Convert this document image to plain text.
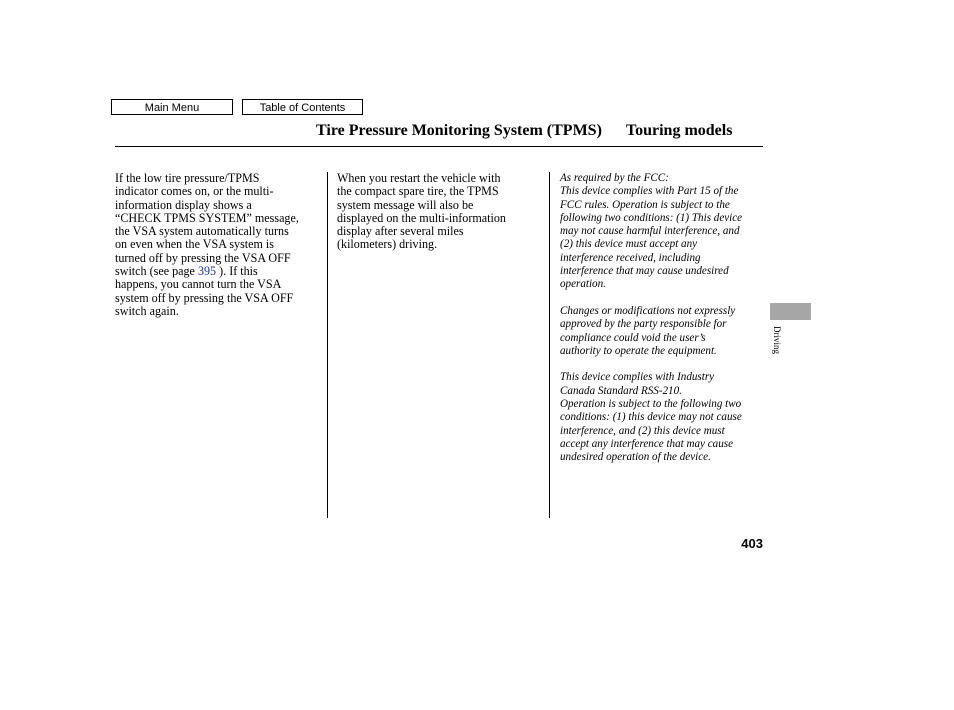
Main Menu	Table of Contents
Tire Pressure Monitoring System (TPMS) Touring models
If the low tire pressure/TPMS
indicator comes on, or the multi-
information display shows a
“CHECK TPMS SYSTEM” message,
the VSA system automatically turns
on even when the VSA system is
turned off by pressing the VSA OFF
switch (see page 395 ). If this
happens, you cannot turn the VSA
system off by pressing the VSA OFF
switch again.
When you restart the vehicle with
the compact spare tire, the TPMS
system message will also be
displayed on the multi-information
display after several miles
(kilometers) driving.
As required by the FCC:
This device complies with Part 15 of the
FCC rules. Operation is subject to the
following two conditions: (1) This device
may not cause harmful interference, and
(2) this device must accept any
interference received, including
interference that may cause undesired
operation.
Changes or modifications not expressly
approved by the party responsible for
compliance could void the user’s
authority to operate the equipment.
This device complies with Industry
Canada Standard RSS-210.
Operation is subject to the following two
conditions: (1) this device may not cause
interference, and (2) this device must
accept any interference that may cause
undesired operation of the device.
Driving
403
